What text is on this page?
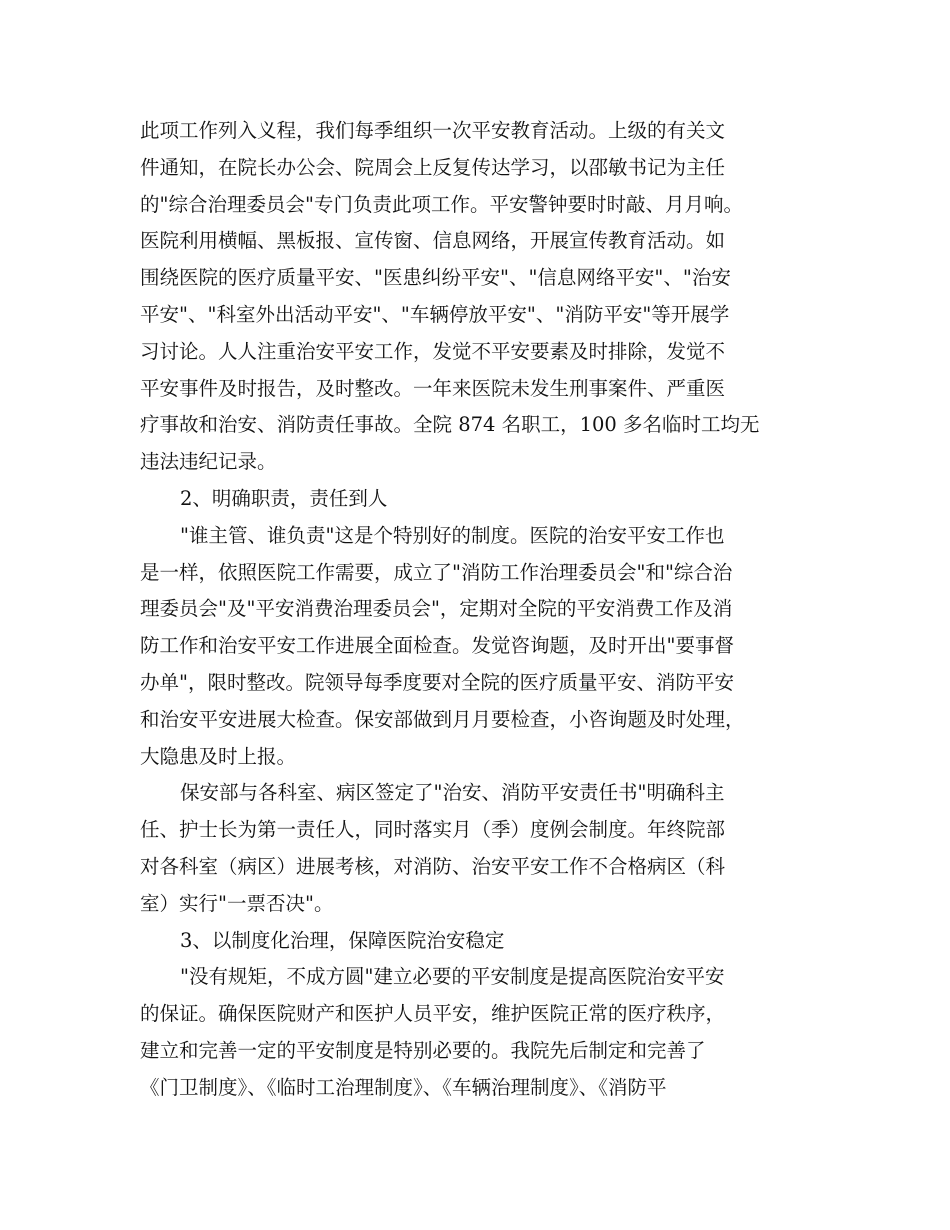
此项工作列入义程，我们每季组织一次平安教育活动。上级的有关文
件通知，在院长办公会、院周会上反复传达学习，以邵敏书记为主任
的"综合治理委员会"专门负责此项工作。平安警钟要时时敲、月月响。
医院利用横幅、黑板报、宣传窗、信息网络，开展宣传教育活动。如
围绕医院的医疗质量平安、"医患纠纷平安"、"信息网络平安"、"治安
平安"、"科室外出活动平安"、"车辆停放平安"、"消防平安"等开展学
习讨论。人人注重治安平安工作，发觉不平安要素及时排除，发觉不
平安事件及时报告，及时整改。一年来医院未发生刑事案件、严重医
疗事故和治安、消防责任事故。全院 874 名职工，100 多名临时工均无
违法违纪记录。
2、明确职责，责任到人
"谁主管、谁负责"这是个特别好的制度。医院的治安平安工作也
是一样，依照医院工作需要，成立了"消防工作治理委员会"和"综合治
理委员会"及"平安消费治理委员会"，定期对全院的平安消费工作及消
防工作和治安平安工作进展全面检查。发觉咨询题，及时开出"要事督
办单"，限时整改。院领导每季度要对全院的医疗质量平安、消防平安
和治安平安进展大检查。保安部做到月月要检查，小咨询题及时处理，
大隐患及时上报。
保安部与各科室、病区签定了"治安、消防平安责任书"明确科主
任、护士长为第一责任人，同时落实月（季）度例会制度。年终院部
对各科室（病区）进展考核，对消防、治安平安工作不合格病区（科
室）实行"一票否决"。
3、以制度化治理，保障医院治安稳定
"没有规矩，不成方圆"建立必要的平安制度是提高医院治安平安
的保证。确保医院财产和医护人员平安，维护医院正常的医疗秩序，
建立和完善一定的平安制度是特别必要的。我院先后制定和完善了
《门卫制度》、《临时工治理制度》、《车辆治理制度》、《消防平
